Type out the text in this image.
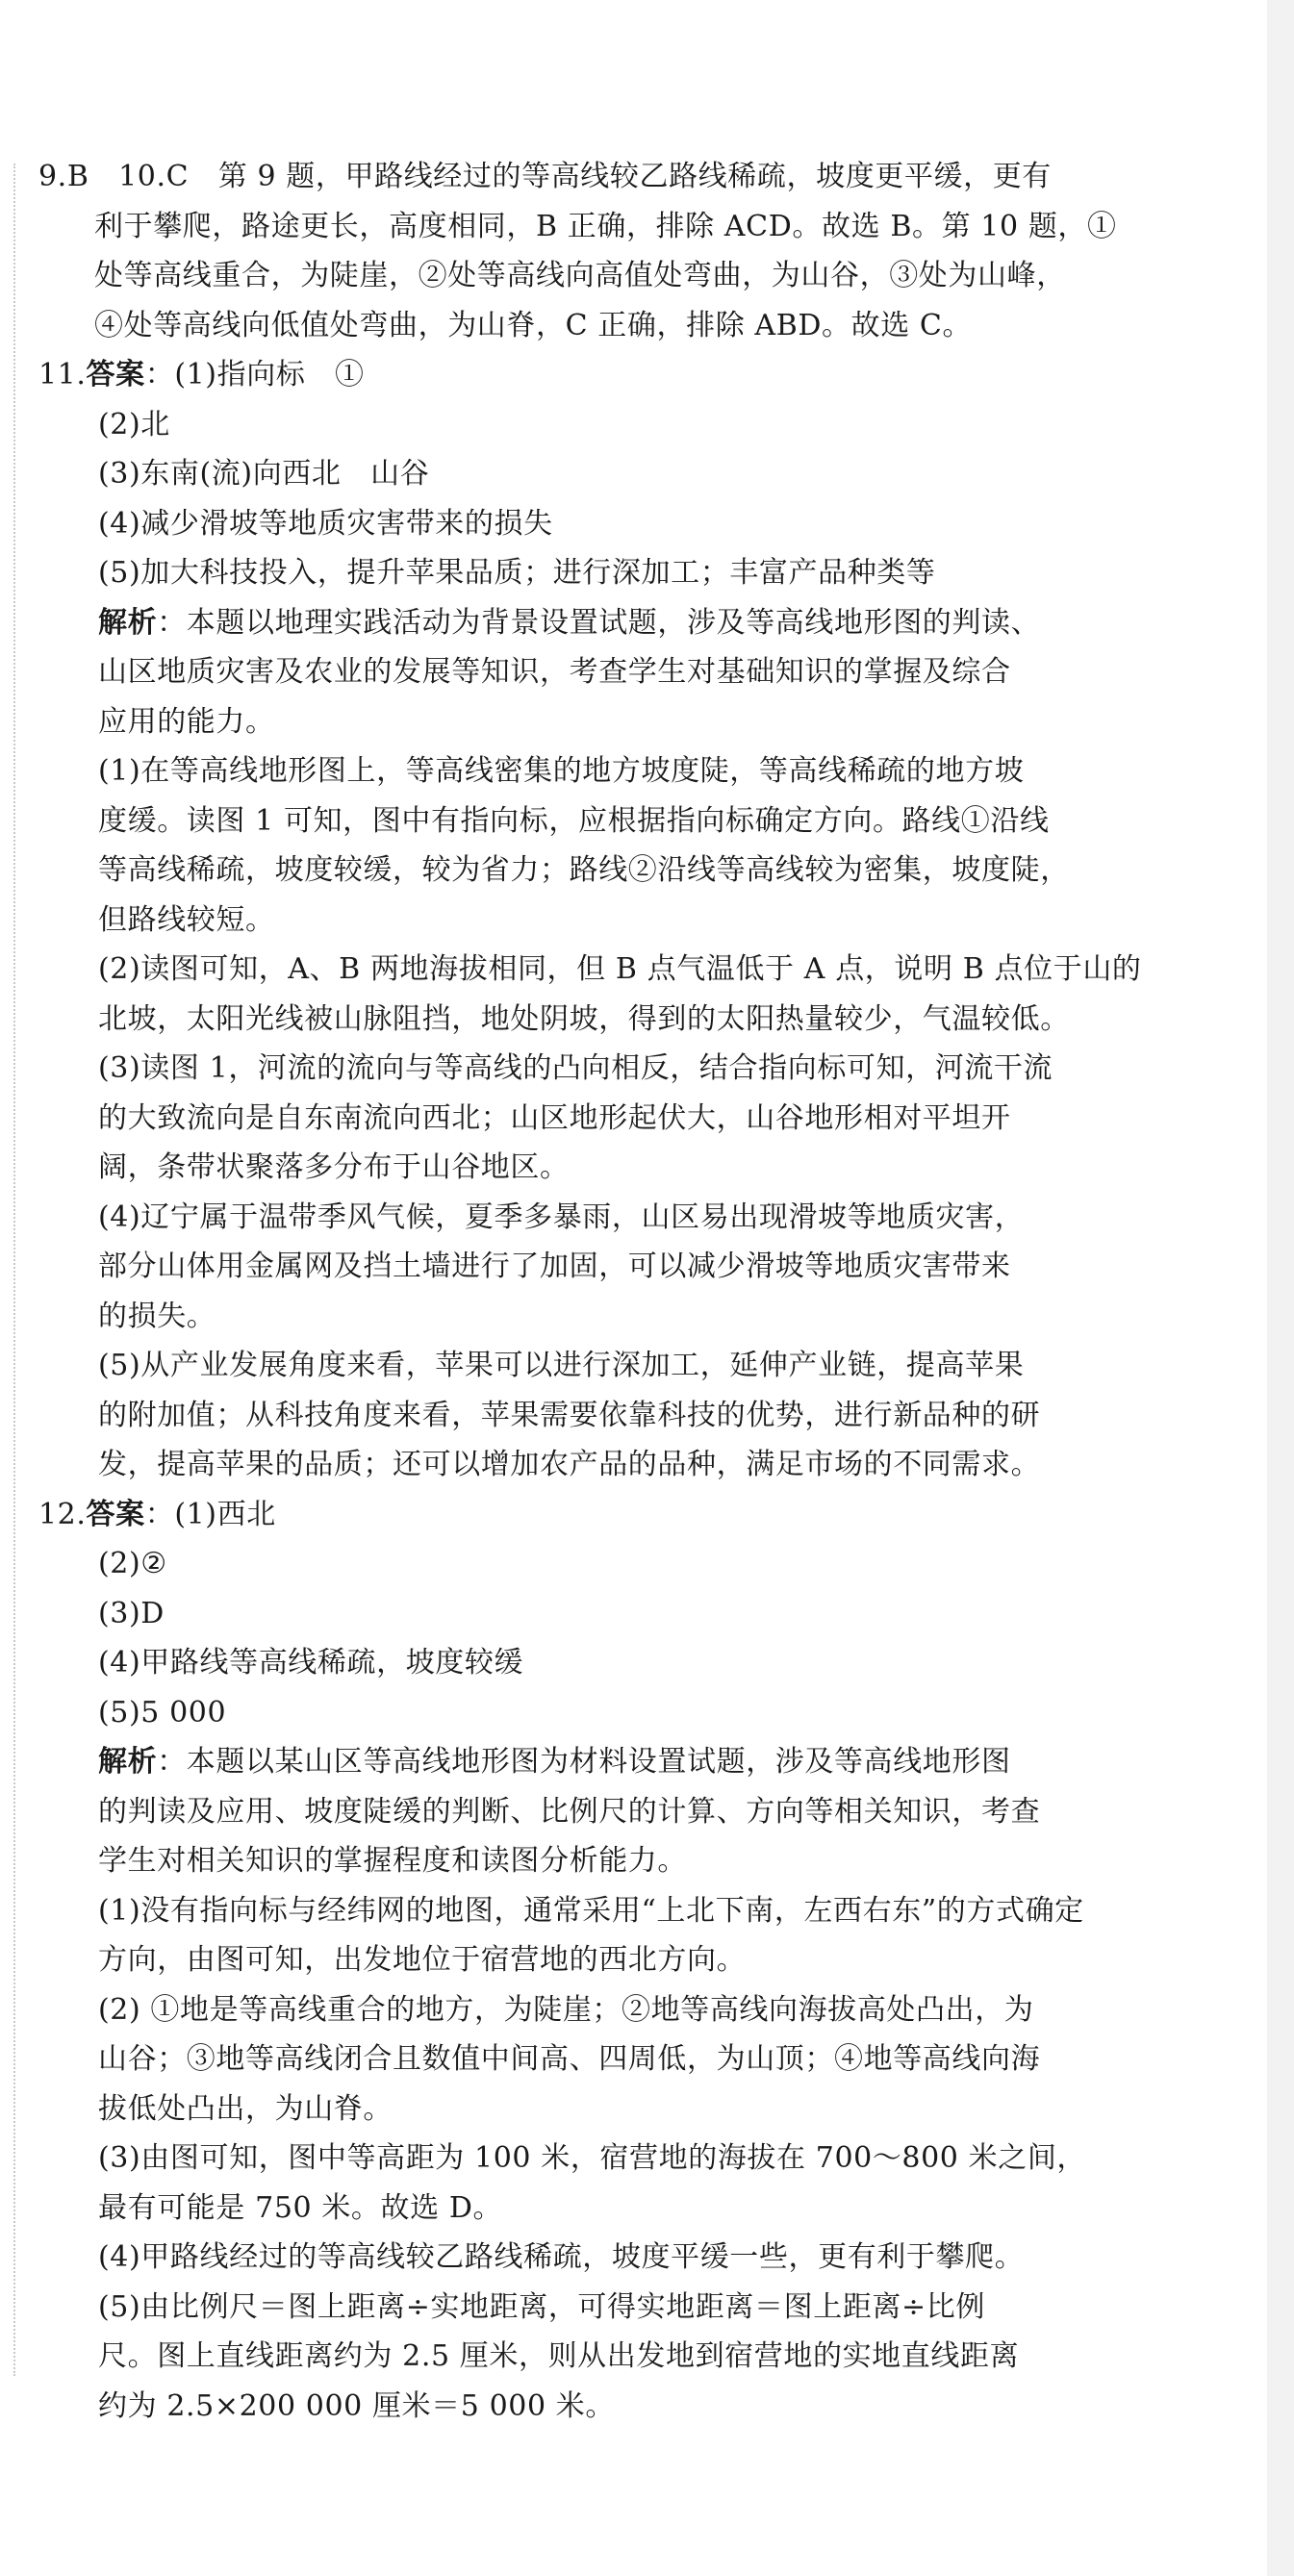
9.B　10.C　第 9 题，甲路线经过的等高线较乙路线稀疏，坡度更平缓，更有
利于攀爬，路途更长，高度相同，B 正确，排除 ACD。故选 B。第 10 题，①
处等高线重合，为陡崖，②处等高线向高值处弯曲，为山谷，③处为山峰，
④处等高线向低值处弯曲，为山脊，C 正确，排除 ABD。故选 C。
11.答案：(1)指向标　①
(2)北
(3)东南(流)向西北　山谷
(4)减少滑坡等地质灾害带来的损失
(5)加大科技投入，提升苹果品质；进行深加工；丰富产品种类等
解析：本题以地理实践活动为背景设置试题，涉及等高线地形图的判读、
山区地质灾害及农业的发展等知识，考查学生对基础知识的掌握及综合
应用的能力。
(1)在等高线地形图上，等高线密集的地方坡度陡，等高线稀疏的地方坡
度缓。读图 1 可知，图中有指向标，应根据指向标确定方向。路线①沿线
等高线稀疏，坡度较缓，较为省力；路线②沿线等高线较为密集，坡度陡，
但路线较短。
(2)读图可知，A、B 两地海拔相同，但 B 点气温低于 A 点，说明 B 点位于山的
北坡，太阳光线被山脉阻挡，地处阴坡，得到的太阳热量较少，气温较低。
(3)读图 1，河流的流向与等高线的凸向相反，结合指向标可知，河流干流
的大致流向是自东南流向西北；山区地形起伏大，山谷地形相对平坦开
阔，条带状聚落多分布于山谷地区。
(4)辽宁属于温带季风气候，夏季多暴雨，山区易出现滑坡等地质灾害，
部分山体用金属网及挡土墙进行了加固，可以减少滑坡等地质灾害带来
的损失。
(5)从产业发展角度来看，苹果可以进行深加工，延伸产业链，提高苹果
的附加值；从科技角度来看，苹果需要依靠科技的优势，进行新品种的研
发，提高苹果的品质；还可以增加农产品的品种，满足市场的不同需求。
12.答案：(1)西北
(2)②
(3)D
(4)甲路线等高线稀疏，坡度较缓
(5)5 000
解析：本题以某山区等高线地形图为材料设置试题，涉及等高线地形图
的判读及应用、坡度陡缓的判断、比例尺的计算、方向等相关知识，考查
学生对相关知识的掌握程度和读图分析能力。
(1)没有指向标与经纬网的地图，通常采用“上北下南，左西右东”的方式确定
方向，由图可知，出发地位于宿营地的西北方向。
(2) ①地是等高线重合的地方，为陡崖；②地等高线向海拔高处凸出，为
山谷；③地等高线闭合且数值中间高、四周低，为山顶；④地等高线向海
拔低处凸出，为山脊。
(3)由图可知，图中等高距为 100 米，宿营地的海拔在 700～800 米之间，
最有可能是 750 米。故选 D。
(4)甲路线经过的等高线较乙路线稀疏，坡度平缓一些，更有利于攀爬。
(5)由比例尺＝图上距离÷实地距离，可得实地距离＝图上距离÷比例
尺。图上直线距离约为 2.5 厘米，则从出发地到宿营地的实地直线距离
约为 2.5×200 000 厘米＝5 000 米。
